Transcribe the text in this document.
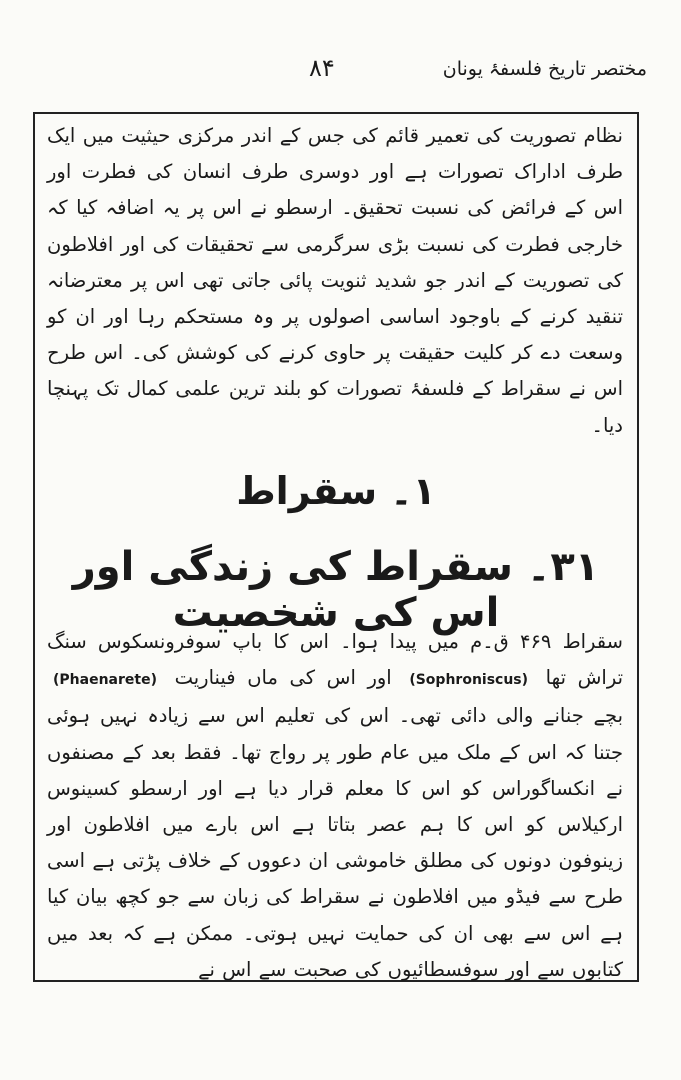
مختصر تاریخ فلسفۂ یونان
۸۴
نظام تصوریت کی تعمیر قائم کی جس کے اندر مرکزی حیثیت میں ایک طرف اداراک تصورات ہے اور دوسری طرف انسان کی فطرت اور اس کے فرائض کی نسبت تحقیق۔ ارسطو نے اس پر یہ اضافہ کیا کہ خارجی فطرت کی نسبت بڑی سرگرمی سے تحقیقات کی اور افلاطون کی تصوریت کے اندر جو شدید ثنویت پائی جاتی تھی اس پر معترضانہ تنقید کرنے کے باوجود اساسی اصولوں پر وہ مستحکم رہا اور ان کو وسعت دے کر کلیت حقیقت پر حاوی کرنے کی کوشش کی۔ اس طرح اس نے سقراط کے فلسفۂ تصورات کو بلند ترین علمی کمال تک پہنچا دیا۔
۱۔ سقراط
۳۱۔ سقراط کی زندگی اور اس کی شخصیت
سقراط ۴۶۹ ق۔م میں پیدا ہوا۔ اس کا باپ سوفرونسکوس سنگ تراش تھا (Sophroniscus) اور اس کی ماں فیناریت (Phaenarete) بچے جنانے والی دائی تھی۔ اس کی تعلیم اس سے زیادہ نہیں ہوئی جتنا کہ اس کے ملک میں عام طور پر رواج تھا۔ فقط بعد کے مصنفوں نے انکساگوراس کو اس کا معلم قرار دیا ہے اور ارسطو کسینوس ارکیلاس کو اس کا ہم عصر بتاتا ہے اس بارے میں افلاطون اور زینوفون دونوں کی مطلق خاموشی ان دعووں کے خلاف پڑتی ہے اسی طرح سے فیڈو میں افلاطون نے سقراط کی زبان سے جو کچھ بیان کیا ہے اس سے بھی ان کی حمایت نہیں ہوتی۔ ممکن ہے کہ بعد میں کتابوں سے اور سوفسطائیوں کی صحبت سے اس نے
